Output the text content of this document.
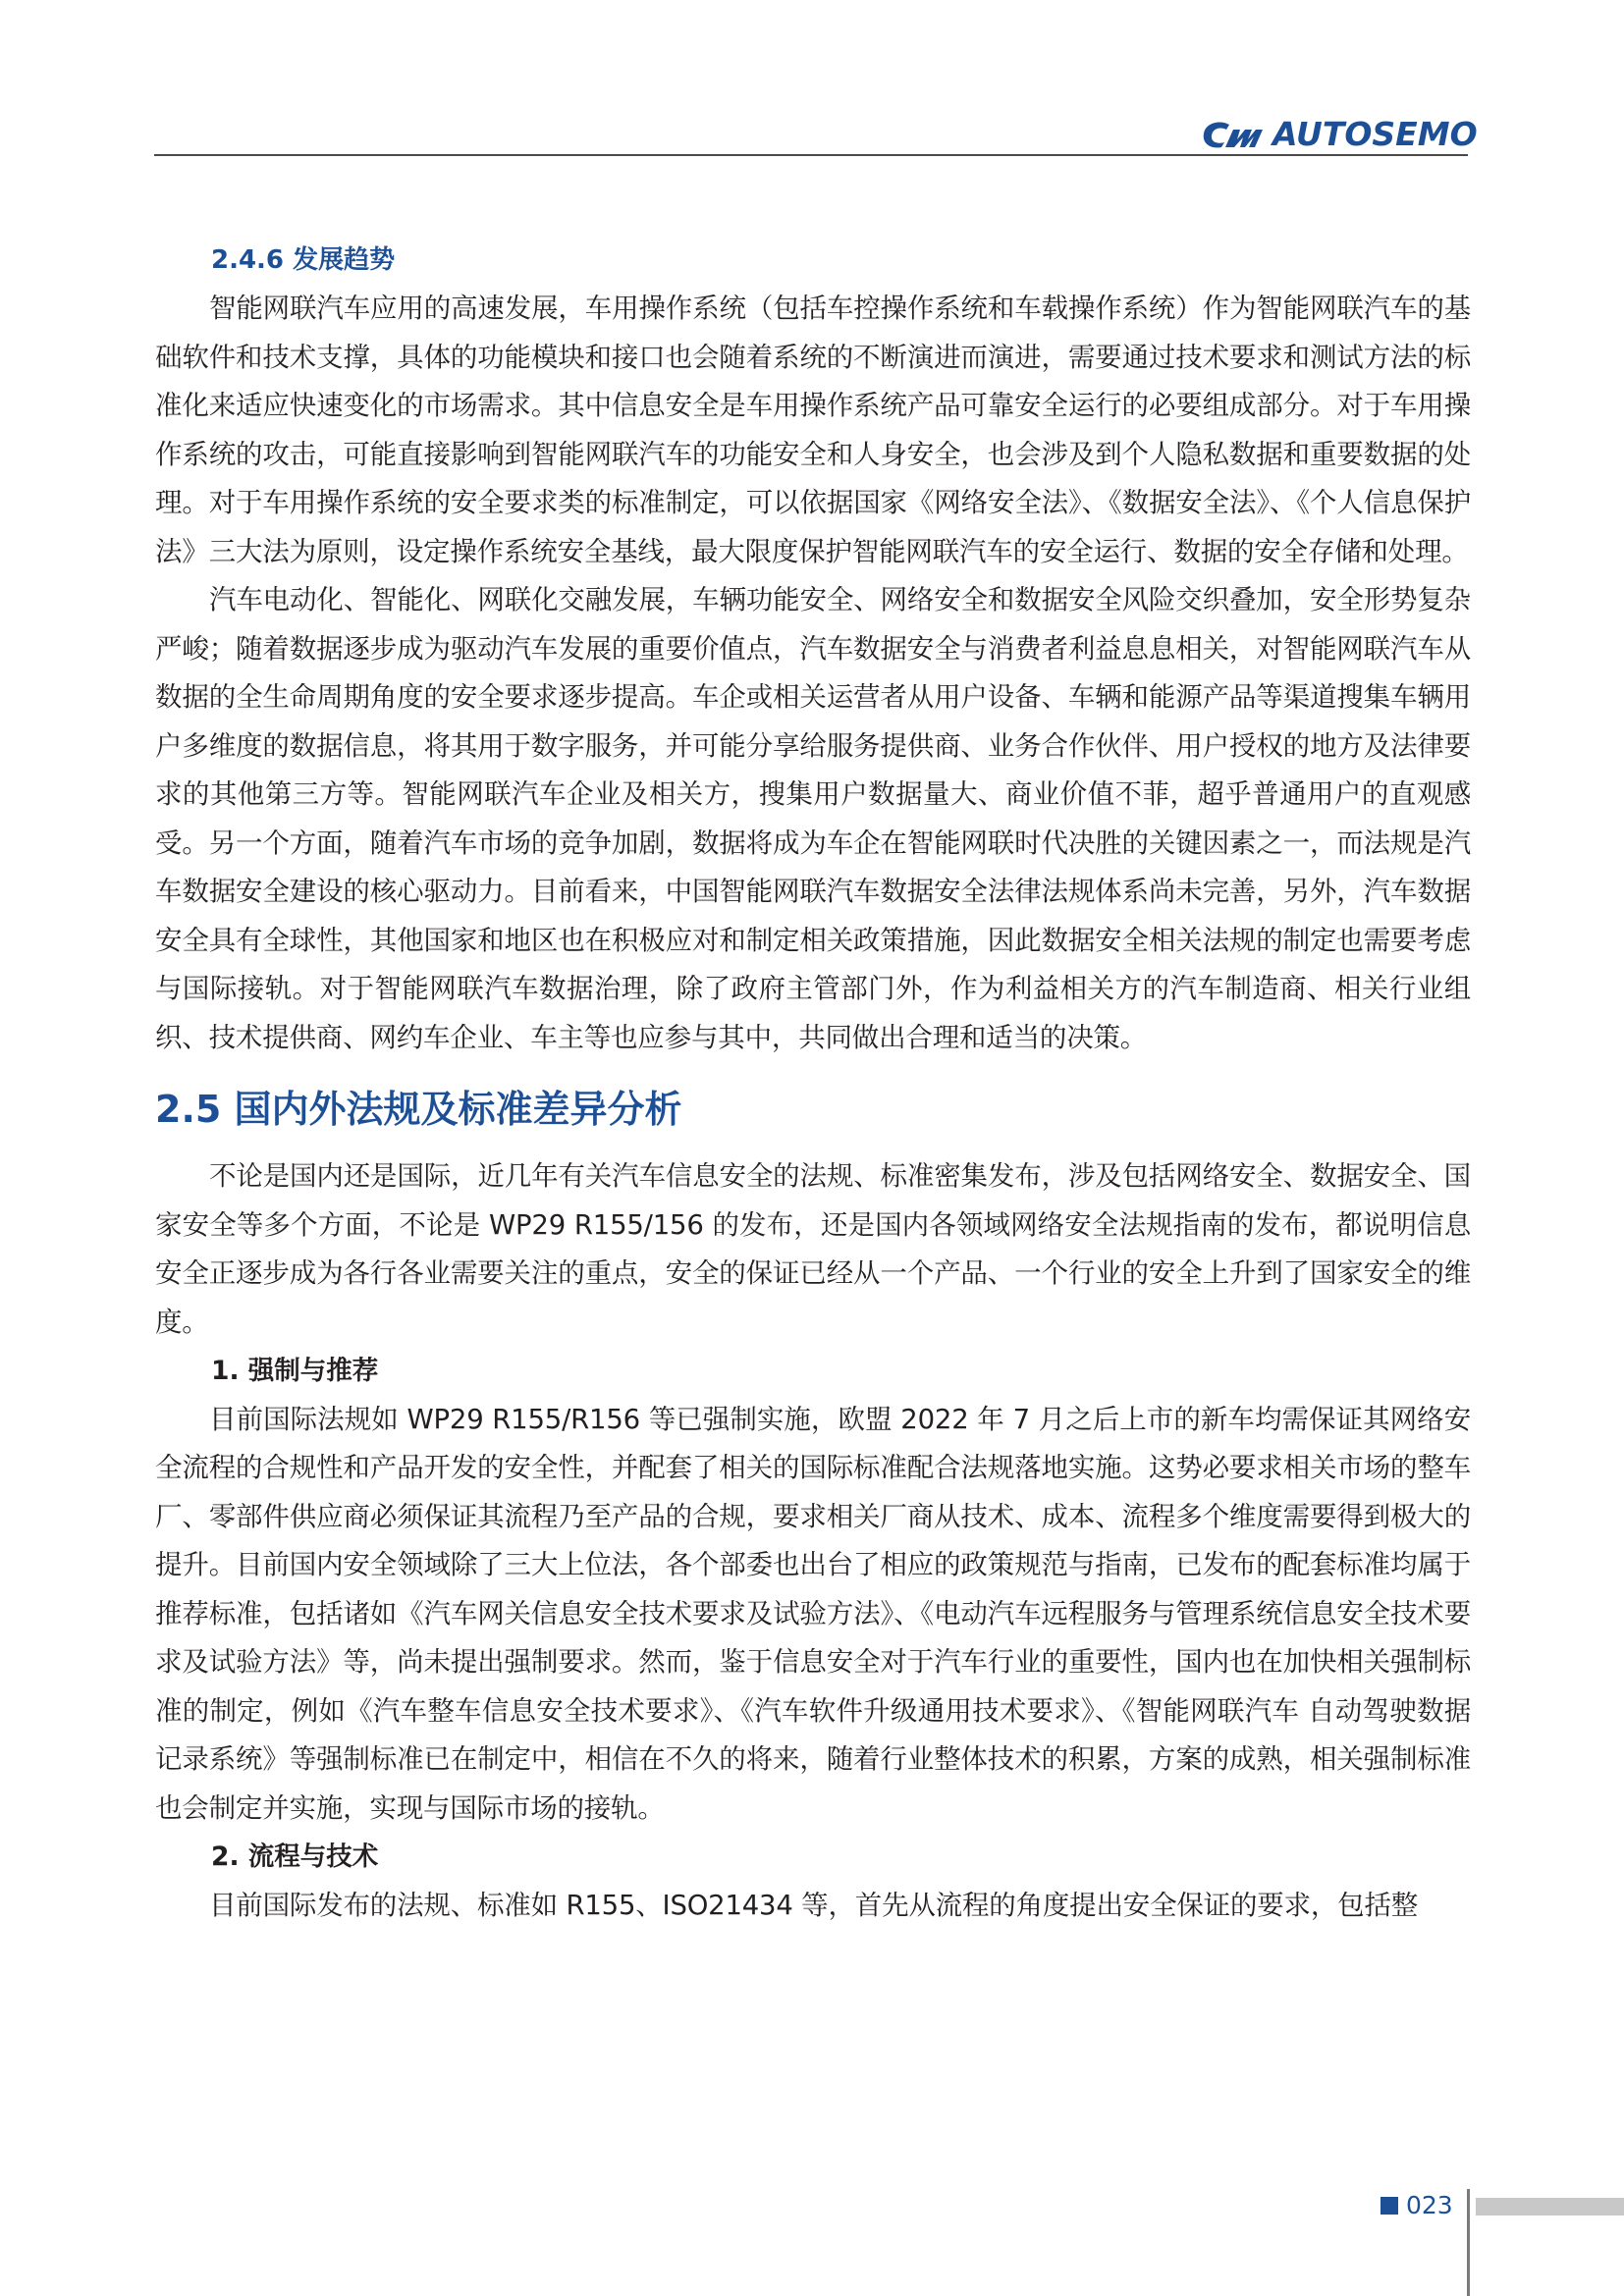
AUTOSEMO
2.4.6 发展趋势

智能网联汽车应用的高速发展，车用操作系统（包括车控操作系统和车载操作系统）作为智能网联汽车的基础软件和技术支撑，具体的功能模块和接口也会随着系统的不断演进而演进，需要通过技术要求和测试方法的标准化来适应快速变化的市场需求。其中信息安全是车用操作系统产品可靠安全运行的必要组成部分。对于车用操作系统的攻击，可能直接影响到智能网联汽车的功能安全和人身安全，也会涉及到个人隐私数据和重要数据的处理。对于车用操作系统的安全要求类的标准制定，可以依据国家《网络安全法》、《数据安全法》、《个人信息保护法》三大法为原则，设定操作系统安全基线，最大限度保护智能网联汽车的安全运行、数据的安全存储和处理。

汽车电动化、智能化、网联化交融发展，车辆功能安全、网络安全和数据安全风险交织叠加，安全形势复杂严峻；随着数据逐步成为驱动汽车发展的重要价值点，汽车数据安全与消费者利益息息相关，对智能网联汽车从数据的全生命周期角度的安全要求逐步提高。车企或相关运营者从用户设备、车辆和能源产品等渠道搜集车辆用户多维度的数据信息，将其用于数字服务，并可能分享给服务提供商、业务合作伙伴、用户授权的地方及法律要求的其他第三方等。智能网联汽车企业及相关方，搜集用户数据量大、商业价值不菲，超乎普通用户的直观感受。另一个方面，随着汽车市场的竞争加剧，数据将成为车企在智能网联时代决胜的关键因素之一，而法规是汽车数据安全建设的核心驱动力。目前看来，中国智能网联汽车数据安全法律法规体系尚未完善，另外，汽车数据安全具有全球性，其他国家和地区也在积极应对和制定相关政策措施，因此数据安全相关法规的制定也需要考虑与国际接轨。对于智能网联汽车数据治理，除了政府主管部门外，作为利益相关方的汽车制造商、相关行业组织、技术提供商、网约车企业、车主等也应参与其中，共同做出合理和适当的决策。

2.5 国内外法规及标准差异分析

不论是国内还是国际，近几年有关汽车信息安全的法规、标准密集发布，涉及包括网络安全、数据安全、国家安全等多个方面，不论是 WP29 R155/156 的发布，还是国内各领域网络安全法规指南的发布，都说明信息安全正逐步成为各行各业需要关注的重点，安全的保证已经从一个产品、一个行业的安全上升到了国家安全的维度。

1. 强制与推荐

目前国际法规如 WP29 R155/R156 等已强制实施，欧盟 2022 年 7 月之后上市的新车均需保证其网络安全流程的合规性和产品开发的安全性，并配套了相关的国际标准配合法规落地实施。这势必要求相关市场的整车厂、零部件供应商必须保证其流程乃至产品的合规，要求相关厂商从技术、成本、流程多个维度需要得到极大的提升。目前国内安全领域除了三大上位法，各个部委也出台了相应的政策规范与指南，已发布的配套标准均属于推荐标准，包括诸如《汽车网关信息安全技术要求及试验方法》、《电动汽车远程服务与管理系统信息安全技术要求及试验方法》等，尚未提出强制要求。然而，鉴于信息安全对于汽车行业的重要性，国内也在加快相关强制标准的制定，例如《汽车整车信息安全技术要求》、《汽车软件升级通用技术要求》、《智能网联汽车 自动驾驶数据记录系统》等强制标准已在制定中，相信在不久的将来，随着行业整体技术的积累，方案的成熟，相关强制标准也会制定并实施，实现与国际市场的接轨。

2. 流程与技术

目前国际发布的法规、标准如 R155、ISO21434 等，首先从流程的角度提出安全保证的要求，包括整

023
